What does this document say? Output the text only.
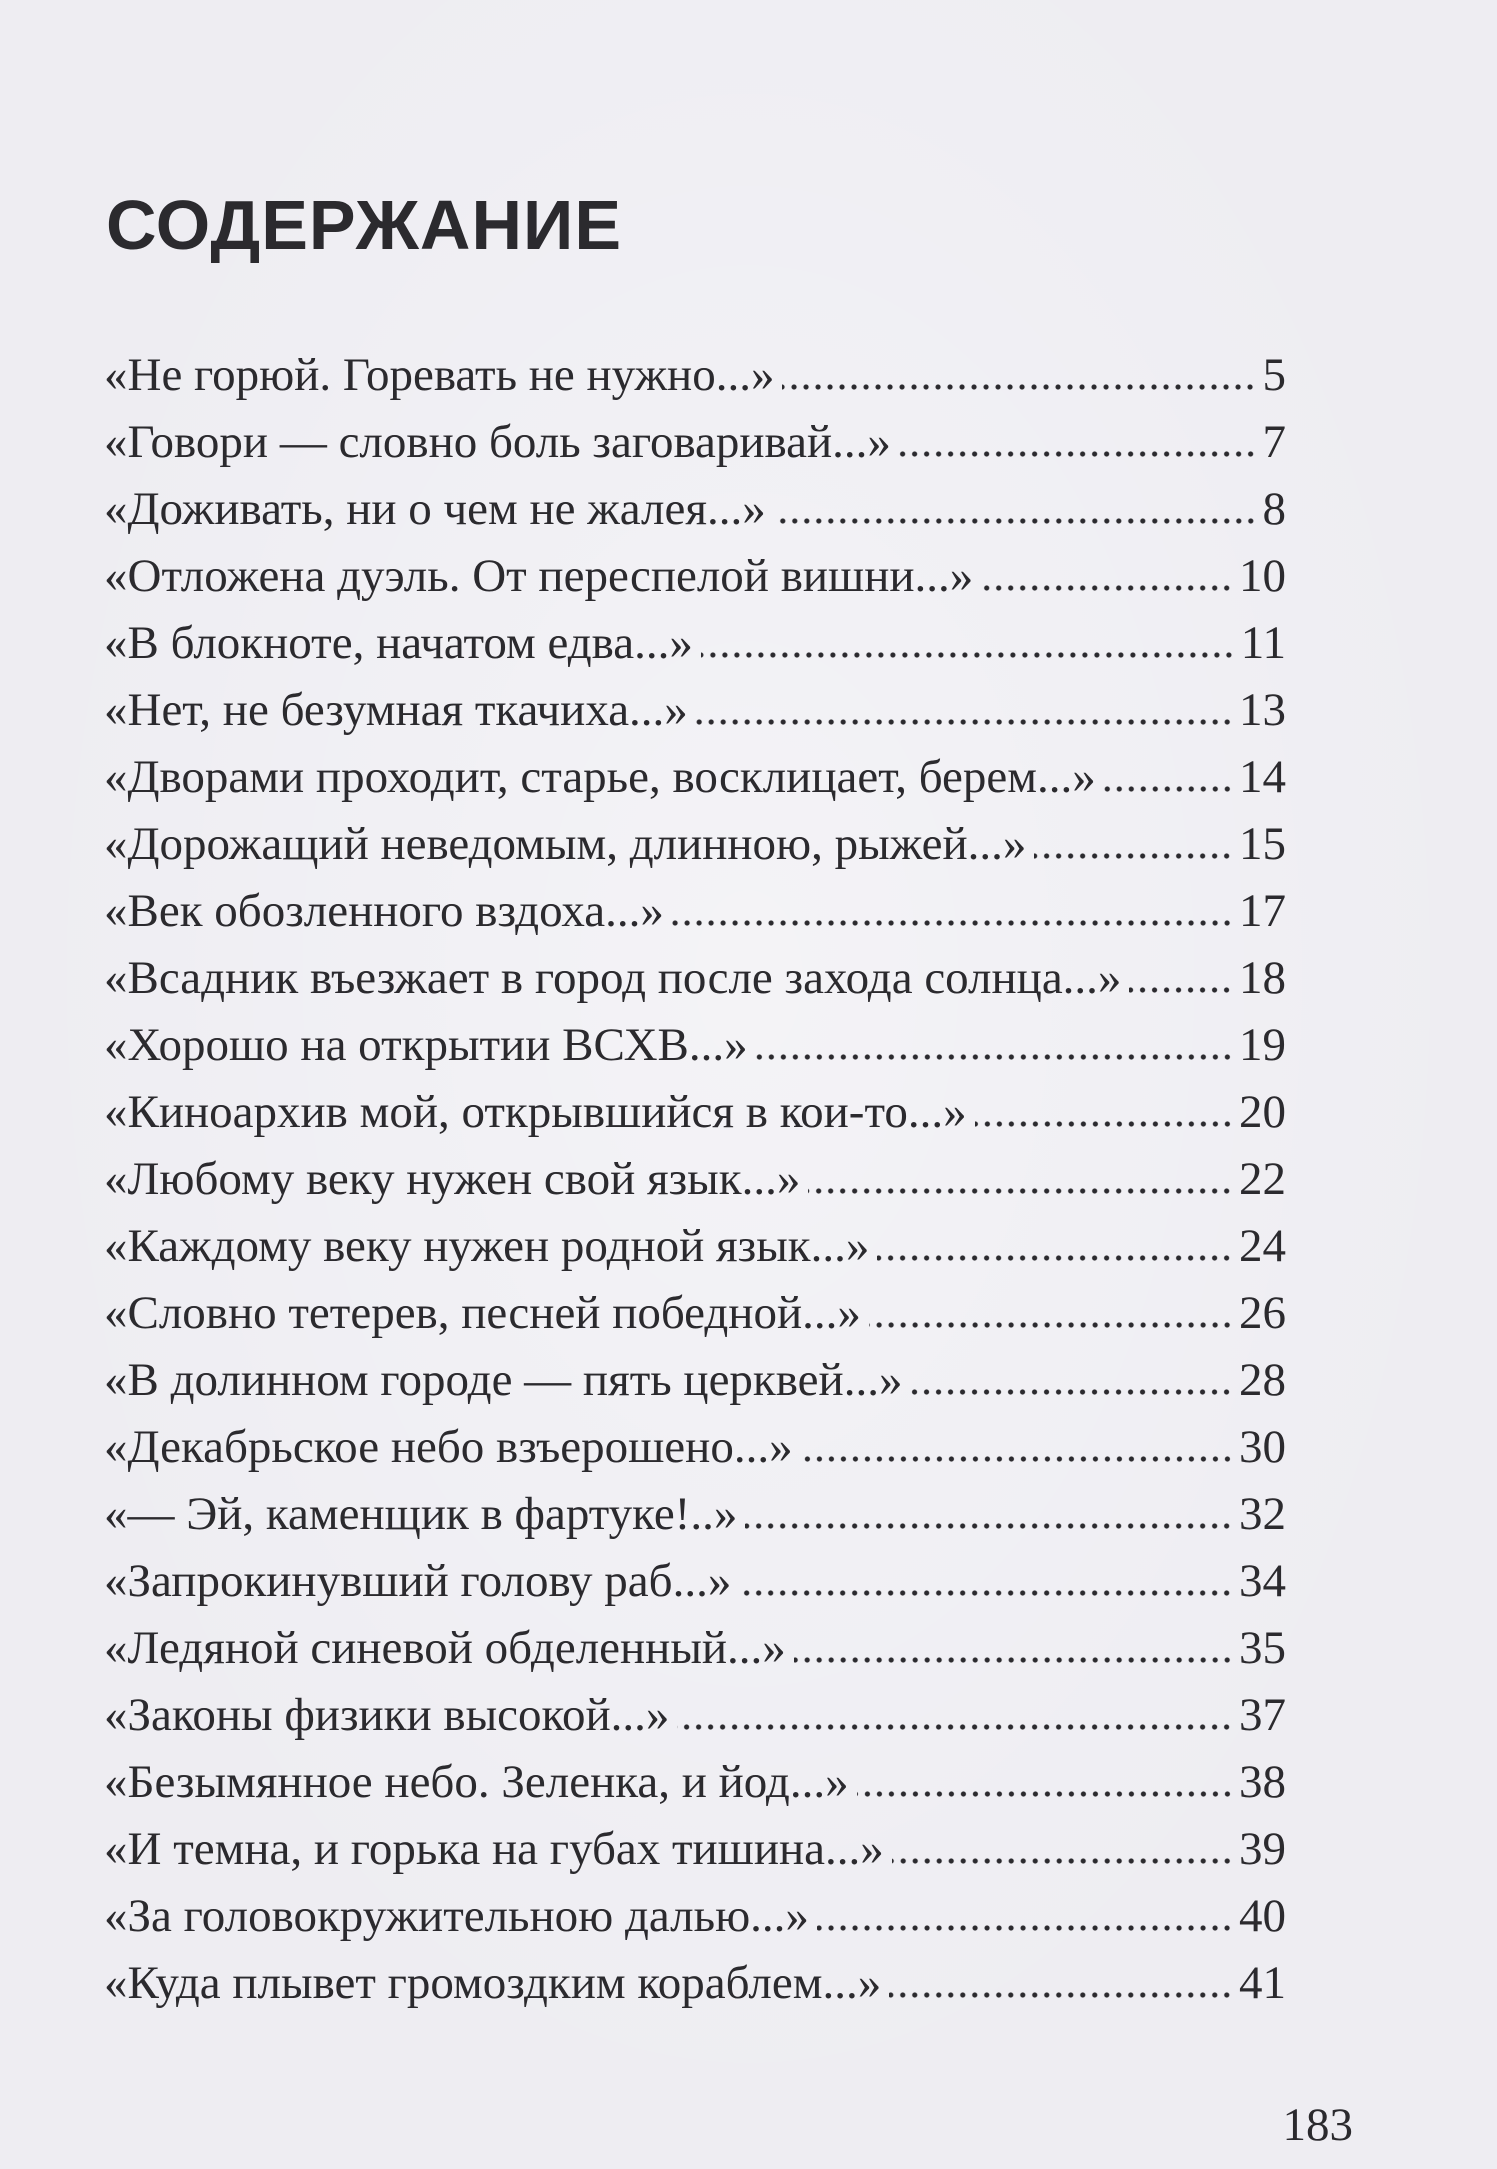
СОДЕРЖАНИЕ
«Не горюй. Горевать не нужно...»	5
«Говори — словно боль заговаривай...»	7
«Доживать, ни о чем не жалея...»	8
«Отложена дуэль. От переспелой вишни...»	10
«В блокноте, начатом едва...»	11
«Нет, не безумная ткачиха...»	13
«Дворами проходит, старье, восклицает, берем...»	14
«Дорожащий неведомым, длинною, рыжей...»	15
«Век обозленного вздоха...»	17
«Всадник въезжает в город после захода солнца...»	18
«Хорошо на открытии ВСХВ...»	19
«Киноархив мой, открывшийся в кои-то...»	20
«Любому веку нужен свой язык...»	22
«Каждому веку нужен родной язык...»	24
«Словно тетерев, песней победной...»	26
«В долинном городе — пять церквей...»	28
«Декабрьское небо взъерошено...»	30
«— Эй, каменщик в фартуке!..»	32
«Запрокинувший голову раб...»	34
«Ледяной синевой обделенный...»	35
«Законы физики высокой...»	37
«Безымянное небо. Зеленка, и йод...»	38
«И темна, и горька на губах тишина...»	39
«За головокружительною далью...»	40
«Куда плывет громоздким кораблем...»	41
183
